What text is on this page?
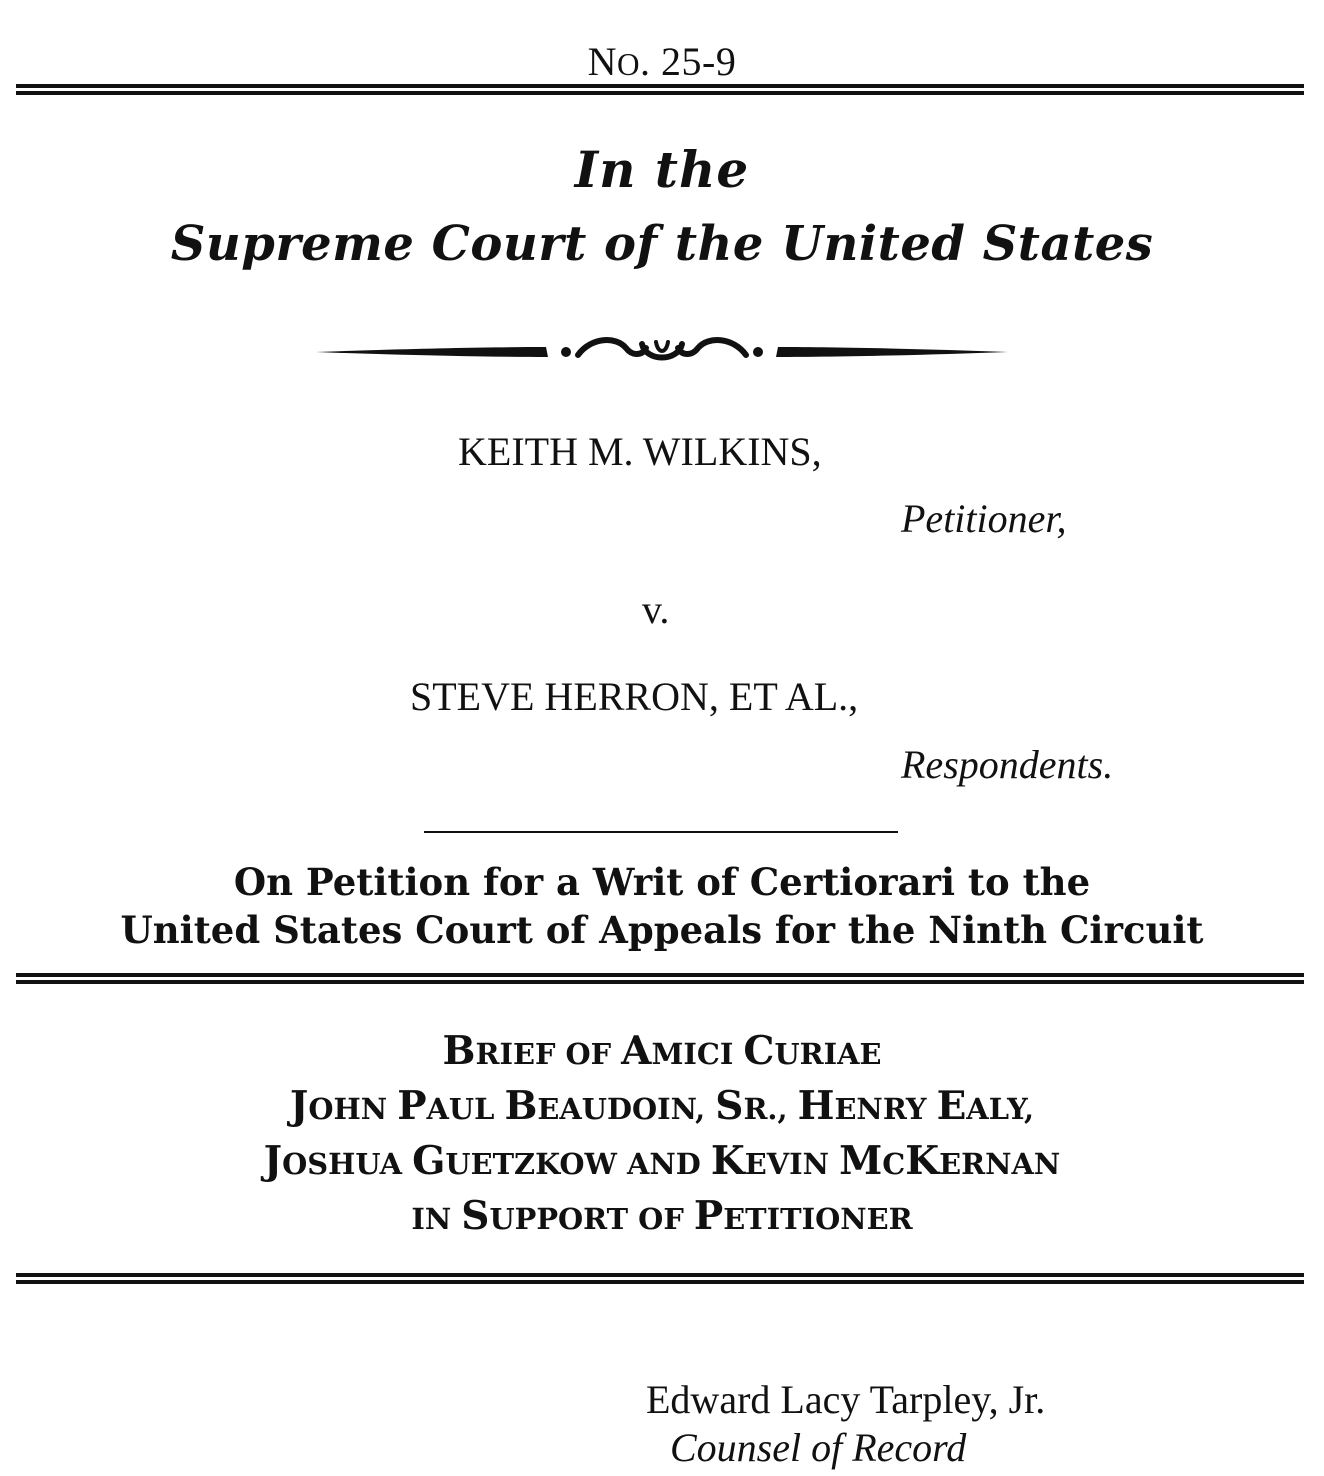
NO. 25-9
In the
Supreme Court of the United States
KEITH M. WILKINS,
Petitioner,
v.
STEVE HERRON, ET AL.,
Respondents.
On Petition for a Writ of Certiorari to the
United States Court of Appeals for the Ninth Circuit
BRIEF OF AMICI CURIAE
JOHN PAUL BEAUDOIN, SR., HENRY EALY,
JOSHUA GUETZKOW AND KEVIN MCKERNAN
IN SUPPORT OF PETITIONER
Edward Lacy Tarpley, Jr.
Counsel of Record
